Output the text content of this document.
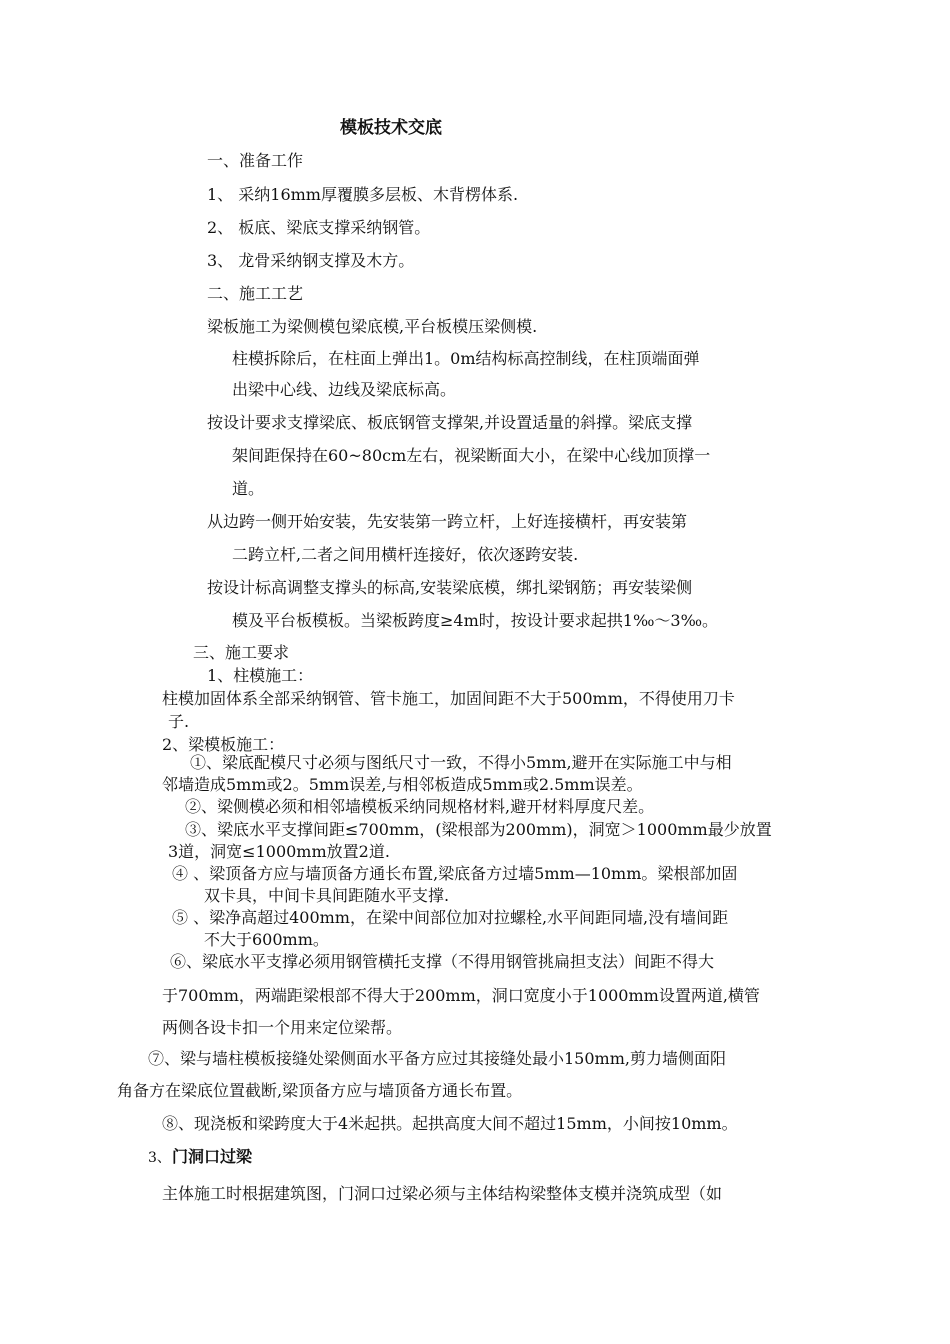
模板技术交底
一、准备工作
1、 采纳16mm厚覆膜多层板、木背楞体系.
2、 板底、梁底支撑采纳钢管。
3、 龙骨采纳钢支撑及木方。
二、施工工艺
梁板施工为梁侧模包梁底模,平台板模压梁侧模.
柱模拆除后，在柱面上弹出1。0m结构标高控制线，在柱顶端面弹
出梁中心线、边线及梁底标高。
按设计要求支撑梁底、板底钢管支撑架,并设置适量的斜撑。梁底支撑
架间距保持在60~80cm左右，视梁断面大小，在梁中心线加顶撑一
道。
从边跨一侧开始安装，先安装第一跨立杆，上好连接横杆，再安装第
二跨立杆,二者之间用横杆连接好，依次逐跨安装.
按设计标高调整支撑头的标高,安装梁底模，绑扎梁钢筋；再安装梁侧
模及平台板模板。当梁板跨度≥4m时，按设计要求起拱1‰～3‰。
三、施工要求
1、柱模施工：
柱模加固体系全部采纳钢管、管卡施工，加固间距不大于500mm，不得使用刀卡
子.
2、梁模板施工：
①、梁底配模尺寸必须与图纸尺寸一致，不得小5mm,避开在实际施工中与相
邻墙造成5mm或2。5mm误差,与相邻板造成5mm或2.5mm误差。
②、梁侧模必须和相邻墙模板采纳同规格材料,避开材料厚度尺差。
③、梁底水平支撑间距≤700mm，(梁根部为200mm)，洞宽＞1000mm最少放置
3道，洞宽≤1000mm放置2道.
④ 、梁顶备方应与墙顶备方通长布置,梁底备方过墙5mm—10mm。梁根部加固
双卡具，中间卡具间距随水平支撑.
⑤ 、梁净高超过400mm，在梁中间部位加对拉螺栓,水平间距同墙,没有墙间距
不大于600mm。
⑥、梁底水平支撑必须用钢管横托支撑（不得用钢管挑扁担支法）间距不得大
于700mm，两端距梁根部不得大于200mm，洞口宽度小于1000mm设置两道,横管
两侧各设卡扣一个用来定位梁帮。
⑦、梁与墙柱模板接缝处梁侧面水平备方应过其接缝处最小150mm,剪力墙侧面阳
角备方在梁底位置截断,梁顶备方应与墙顶备方通长布置。
⑧、现浇板和梁跨度大于4米起拱。起拱高度大间不超过15mm，小间按10mm。
3、 门洞口过梁
主体施工时根据建筑图，门洞口过梁必须与主体结构梁整体支模并浇筑成型（如
